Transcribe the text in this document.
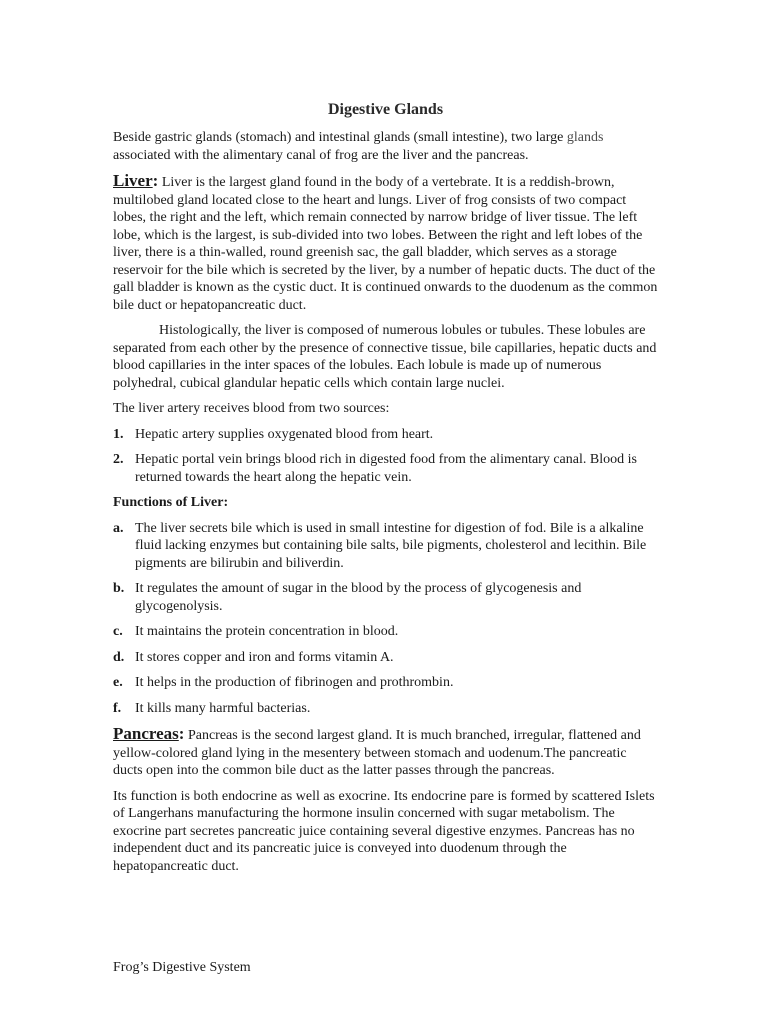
Digestive Glands

Beside gastric glands (stomach) and intestinal glands (small intestine), two large glands associated with the alimentary canal of frog are the liver and the pancreas.

Liver: Liver is the largest gland found in the body of a vertebrate. It is a reddish-brown, multilobed gland located close to the heart and lungs. Liver of frog consists of two compact lobes, the right and the left, which remain connected by narrow bridge of liver tissue. The left lobe, which is the largest, is sub-divided into two lobes. Between the right and left lobes of the liver, there is a thin-walled, round greenish sac, the gall bladder, which serves as a storage reservoir for the bile which is secreted by the liver, by a number of hepatic ducts. The duct of the gall bladder is known as the cystic duct. It is continued onwards to the duodenum as the common bile duct or hepatopancreatic duct.

Histologically, the liver is composed of numerous lobules or tubules. These lobules are separated from each other by the presence of connective tissue, bile capillaries, hepatic ducts and blood capillaries in the inter spaces of the lobules. Each lobule is made up of numerous polyhedral, cubical glandular hepatic cells which contain large nuclei.

The liver artery receives blood from two sources:

1. Hepatic artery supplies oxygenated blood from heart.
2. Hepatic portal vein brings blood rich in digested food from the alimentary canal. Blood is returned towards the heart along the hepatic vein.
Functions of Liver:
a. The liver secrets bile which is used in small intestine for digestion of fod. Bile is a alkaline fluid lacking enzymes but containing bile salts, bile pigments, cholesterol and lecithin. Bile pigments are bilirubin and biliverdin.
b. It regulates the amount of sugar in the blood by the process of glycogenesis and glycogenolysis.
c. It maintains the protein concentration in blood.
d. It stores copper and iron and forms vitamin A.
e. It helps in the production of fibrinogen and prothrombin.
f. It kills many harmful bacterias.

Pancreas: Pancreas is the second largest gland. It is much branched, irregular, flattened and yellow-colored gland lying in the mesentery between stomach and uodenum.The pancreatic ducts open into the common bile duct as the latter passes through the pancreas.

Its function is both endocrine as well as exocrine. Its endocrine pare is formed by scattered Islets of Langerhans manufacturing the hormone insulin concerned with sugar metabolism. The exocrine part secretes pancreatic juice containing several digestive enzymes. Pancreas has no independent duct and its pancreatic juice is conveyed into duodenum through the hepatopancreatic duct.

Frog’s Digestive System
